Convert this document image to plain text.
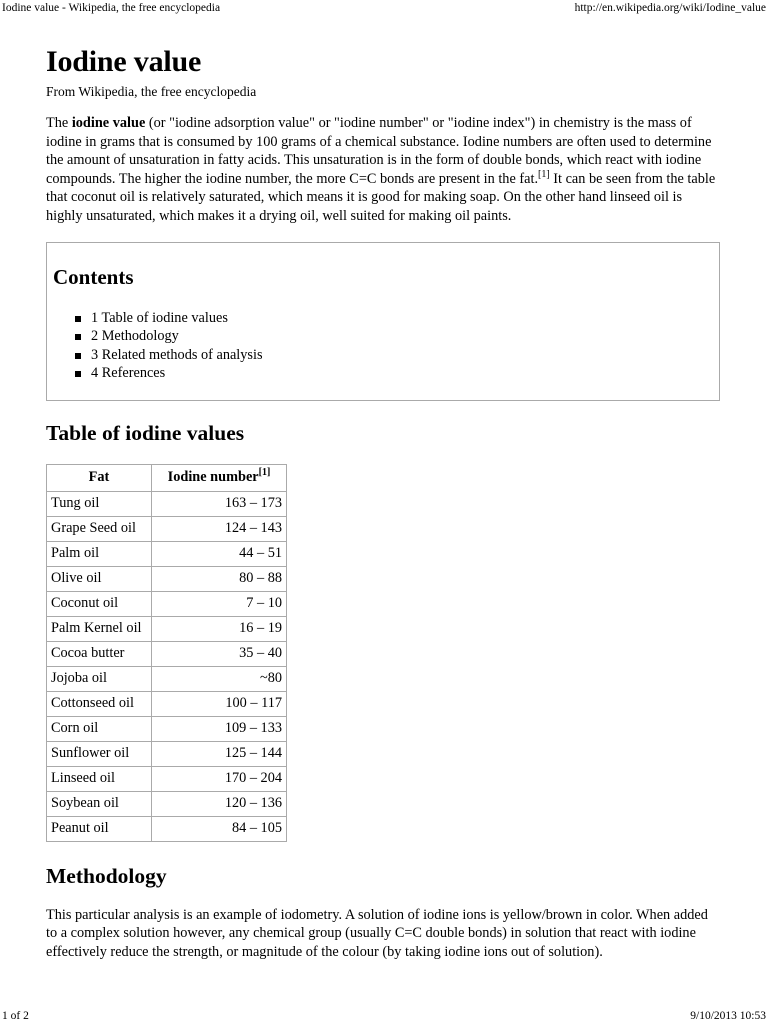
Iodine value - Wikipedia, the free encyclopedia	http://en.wikipedia.org/wiki/Iodine_value
Iodine value
From Wikipedia, the free encyclopedia

The iodine value (or "iodine adsorption value" or "iodine number" or "iodine index") in chemistry is the mass of iodine in grams that is consumed by 100 grams of a chemical substance. Iodine numbers are often used to determine the amount of unsaturation in fatty acids. This unsaturation is in the form of double bonds, which react with iodine compounds. The higher the iodine number, the more C=C bonds are present in the fat.[1] It can be seen from the table that coconut oil is relatively saturated, which means it is good for making soap. On the other hand linseed oil is highly unsaturated, which makes it a drying oil, well suited for making oil paints.

Contents
1 Table of iodine values
2 Methodology
3 Related methods of analysis
4 References
Table of iodine values
Fat	Iodine number[1]
Tung oil	163 – 173
Grape Seed oil	124 – 143
Palm oil	44 – 51
Olive oil	80 – 88
Coconut oil	7 – 10
Palm Kernel oil	16 – 19
Cocoa butter	35 – 40
Jojoba oil	~80
Cottonseed oil	100 – 117
Corn oil	109 – 133
Sunflower oil	125 – 144
Linseed oil	170 – 204
Soybean oil	120 – 136
Peanut oil	84 – 105
Methodology

This particular analysis is an example of iodometry. A solution of iodine ions is yellow/brown in color. When added to a complex solution however, any chemical group (usually C=C double bonds) in solution that react with iodine effectively reduce the strength, or magnitude of the colour (by taking iodine ions out of solution).

1 of 2	9/10/2013 10:53
